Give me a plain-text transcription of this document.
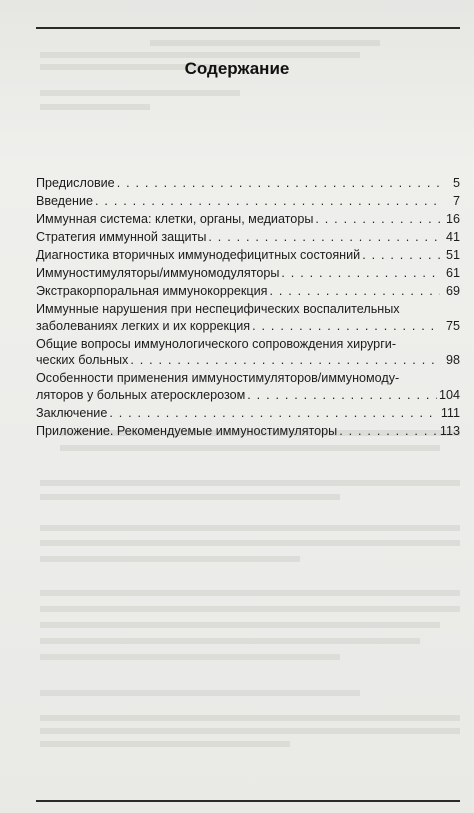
Содержание
Предисловие . . .	5
Введение . . .	7
Иммунная система: клетки, органы, медиаторы . . .	16
Стратегия иммунной защиты . . .	41
Диагностика вторичных иммунодефицитных состояний . . .	51
Иммуностимуляторы/иммуномодуляторы . . .	61
Экстракорпоральная иммунокоррекция . . .	69
Иммунные нарушения при неспецифических воспалительных
заболеваниях легких и их коррекция . . .	75
Общие вопросы иммунологического сопровождения хирурги-
ческих больных . . .	98
Особенности применения иммуностимуляторов/иммуномоду-
ляторов у больных атеросклерозом . . .	104
Заключение . . .	111
Приложение. Рекомендуемые иммуностимуляторы . . .	113
